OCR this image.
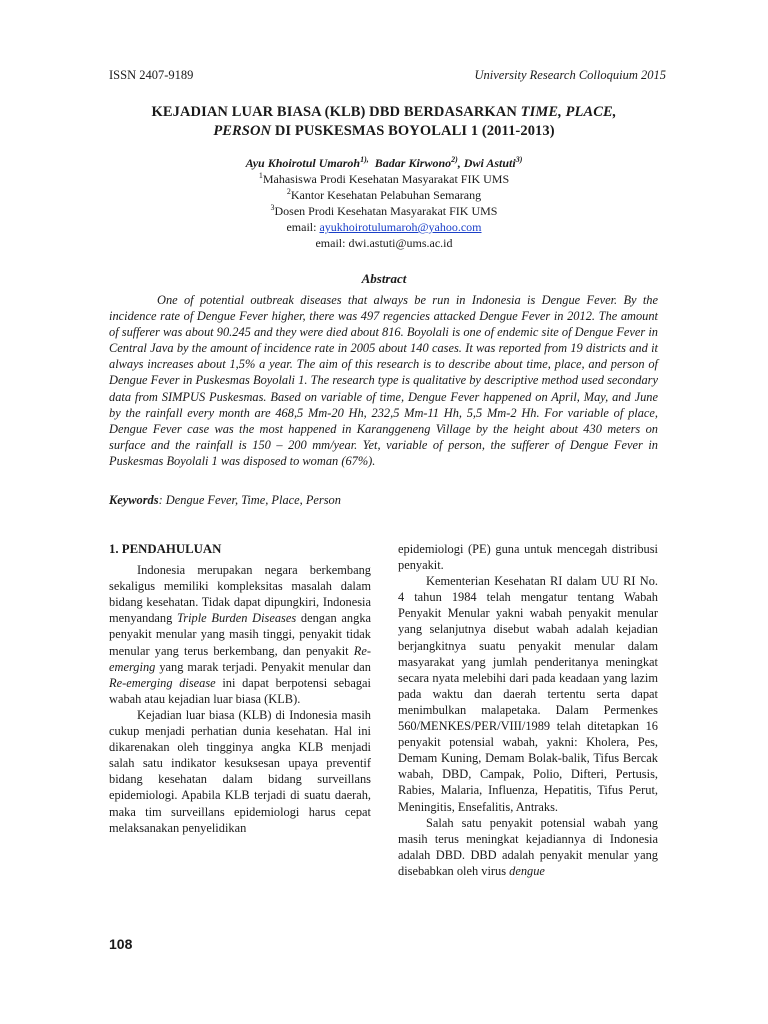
ISSN 2407-9189	University Research Colloquium 2015
KEJADIAN LUAR BIASA (KLB) DBD BERDASARKAN TIME, PLACE,
PERSON DI PUSKESMAS BOYOLALI 1 (2011-2013)
Ayu Khoirotul Umaroh$^{1),}$ Badar Kirwono$^{2)}$, Dwi Astuti$^{3)}$
$^1$Mahasiswa Prodi Kesehatan Masyarakat FIK UMS
$^2$Kantor Kesehatan Pelabuhan Semarang
$^3$Dosen Prodi Kesehatan Masyarakat FIK UMS
email: ayukhoirotulumaroh@yahoo.com
email: dwi.astuti@ums.ac.id
Abstract
One of potential outbreak diseases that always be run in Indonesia is Dengue Fever. By the incidence rate of Dengue Fever higher, there was 497 regencies attacked Dengue Fever in 2012. The amount of sufferer was about 90.245 and they were died about 816. Boyolali is one of endemic site of Dengue Fever in Central Java by the amount of incidence rate in 2005 about 140 cases. It was reported from 19 districts and it always increases about 1,5% a year. The aim of this research is to describe about time, place, and person of Dengue Fever in Puskesmas Boyolali 1. The research type is qualitative by descriptive method used secondary data from SIMPUS Puskesmas. Based on variable of time, Dengue Fever happened on April, May, and June by the rainfall every month are 468,5 Mm-20 Hh, 232,5 Mm-11 Hh, 5,5 Mm-2 Hh. For variable of place, Dengue Fever case was the most happened in Karanggeneng Village by the height about 430 meters on surface and the rainfall is 150 – 200 mm/year. Yet, variable of person, the sufferer of Dengue Fever in Puskesmas Boyolali 1 was disposed to woman (67%).
Keywords: Dengue Fever, Time, Place, Person
1. PENDAHULUAN

Indonesia merupakan negara berkembang sekaligus memiliki kompleksitas masalah dalam bidang kesehatan. Tidak dapat dipungkiri, Indonesia menyandang Triple Burden Diseases dengan angka penyakit menular yang masih tinggi, penyakit tidak menular yang terus berkembang, dan penyakit Re-emerging yang marak terjadi. Penyakit menular dan Re-emerging disease ini dapat berpotensi sebagai wabah atau kejadian luar biasa (KLB).

Kejadian luar biasa (KLB) di Indonesia masih cukup menjadi perhatian dunia kesehatan. Hal ini dikarenakan oleh tingginya angka KLB menjadi salah satu indikator kesuksesan upaya preventif bidang kesehatan dalam bidang surveillans epidemiologi. Apabila KLB terjadi di suatu daerah, maka tim surveillans epidemiologi harus cepat melaksanakan penyelidikan

epidemiologi (PE) guna untuk mencegah distribusi penyakit.

Kementerian Kesehatan RI dalam UU RI No. 4 tahun 1984 telah mengatur tentang Wabah Penyakit Menular yakni wabah penyakit menular yang selanjutnya disebut wabah adalah kejadian berjangkitnya suatu penyakit menular dalam masyarakat yang jumlah penderitanya meningkat secara nyata melebihi dari pada keadaan yang lazim pada waktu dan daerah tertentu serta dapat menimbulkan malapetaka. Dalam Permenkes 560/MENKES/PER/VIII/1989 telah ditetapkan 16 penyakit potensial wabah, yakni: Kholera, Pes, Demam Kuning, Demam Bolak-balik, Tifus Bercak wabah, DBD, Campak, Polio, Difteri, Pertusis, Rabies, Malaria, Influenza, Hepatitis, Tifus Perut, Meningitis, Ensefalitis, Antraks.

Salah satu penyakit potensial wabah yang masih terus meningkat kejadiannya di Indonesia adalah DBD. DBD adalah penyakit menular yang disebabkan oleh virus dengue

108
